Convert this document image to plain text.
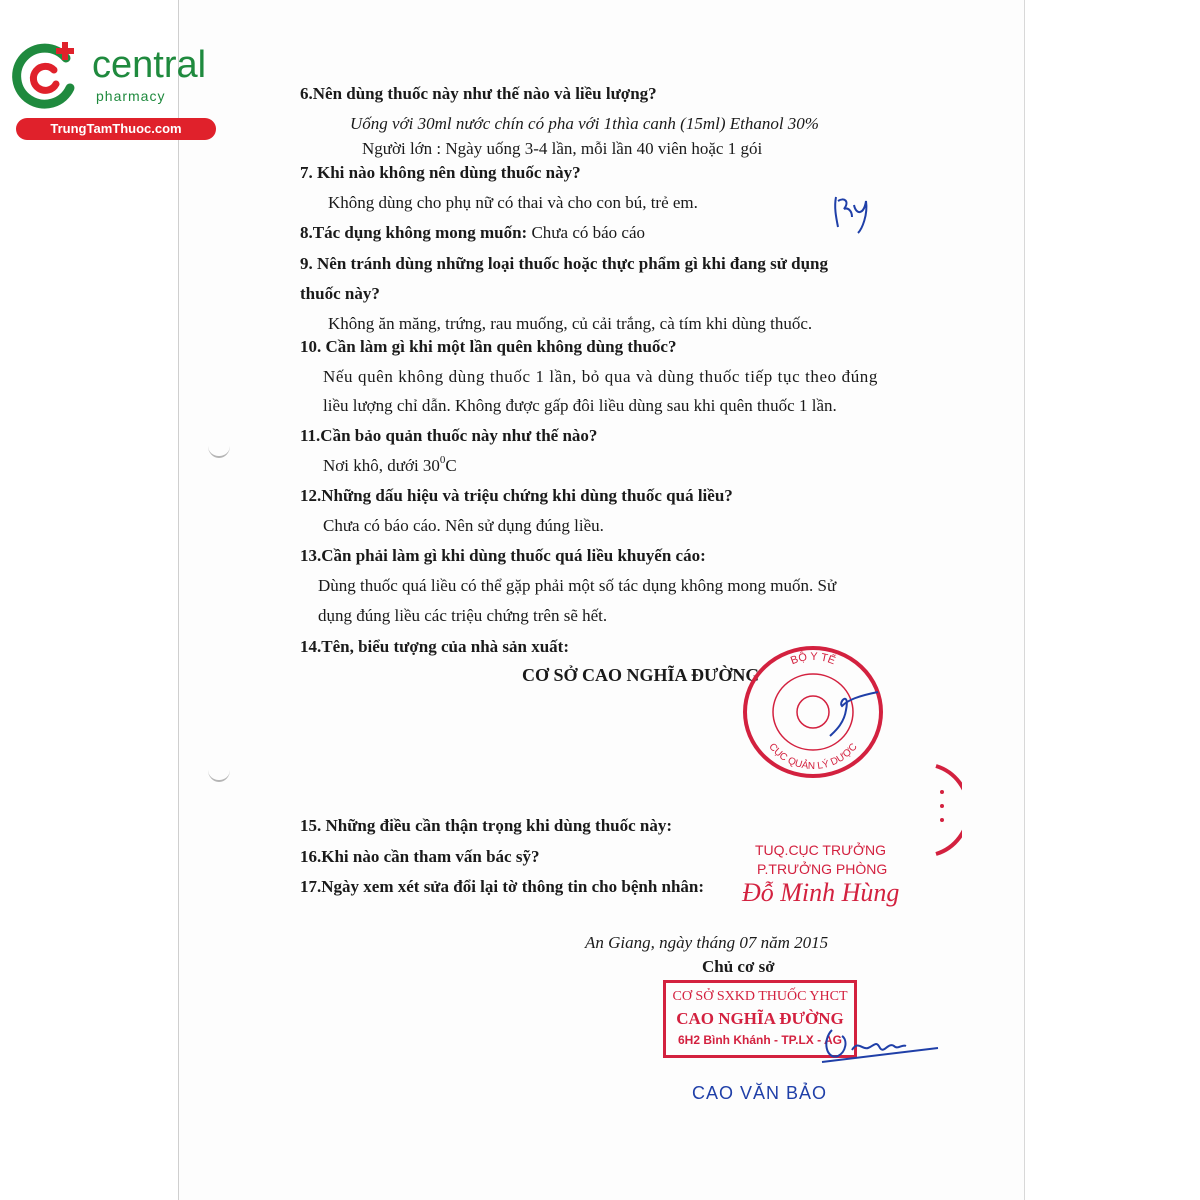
central
pharmacy
TrungTamThuoc.com
6.Nên dùng thuốc này như thế nào và liều lượng?
Uống với 30ml nước chín có pha với 1thìa canh (15ml) Ethanol 30%
Người lớn : Ngày uống 3-4 lần, mỗi lần 40 viên hoặc 1 gói
7. Khi nào không nên dùng thuốc này?
Không dùng cho phụ nữ có thai và cho con bú, trẻ em.
8.Tác dụng không mong muốn: Chưa có báo cáo
9. Nên tránh dùng những loại thuốc hoặc thực phẩm gì khi đang sử dụng
thuốc này?
Không ăn măng, trứng, rau muống, củ cải trắng, cà tím khi dùng thuốc.
10. Cần làm gì khi một lần quên không dùng thuốc?
Nếu quên không dùng thuốc 1 lần, bỏ qua và dùng thuốc tiếp tục theo đúng
liều lượng chỉ dẫn. Không được gấp đôi liều dùng sau khi quên thuốc 1 lần.
11.Cần bảo quản thuốc này như thế nào?
Nơi khô, dưới $30^0C$
12.Những dấu hiệu và triệu chứng khi dùng thuốc quá liều?
Chưa có báo cáo. Nên sử dụng đúng liều.
13.Cần phải làm gì khi dùng thuốc quá liều khuyến cáo:
Dùng thuốc quá liều có thể gặp phải một số tác dụng không mong muốn. Sử
dụng đúng liều các triệu chứng trên sẽ hết.
14.Tên, biểu tượng của nhà sản xuất:
CƠ SỞ CAO NGHĨA ĐƯỜNG
BỘ Y TẾ
CỤC QUẢN LÝ DƯỢC
15. Những điều cần thận trọng khi dùng thuốc này:
16.Khi nào cần tham vấn bác sỹ?
17.Ngày xem xét sửa đổi lại tờ thông tin cho bệnh nhân:
TUQ.CỤC TRƯỞNG
P.TRƯỞNG PHÒNG
Đỗ Minh Hùng
An Giang, ngày tháng 07 năm 2015
Chủ cơ sở
CƠ SỞ SXKD THUỐC YHCT
CAO NGHĨA ĐƯỜNG
6H2 Bình Khánh - TP.LX - AG
CAO VĂN BẢO
